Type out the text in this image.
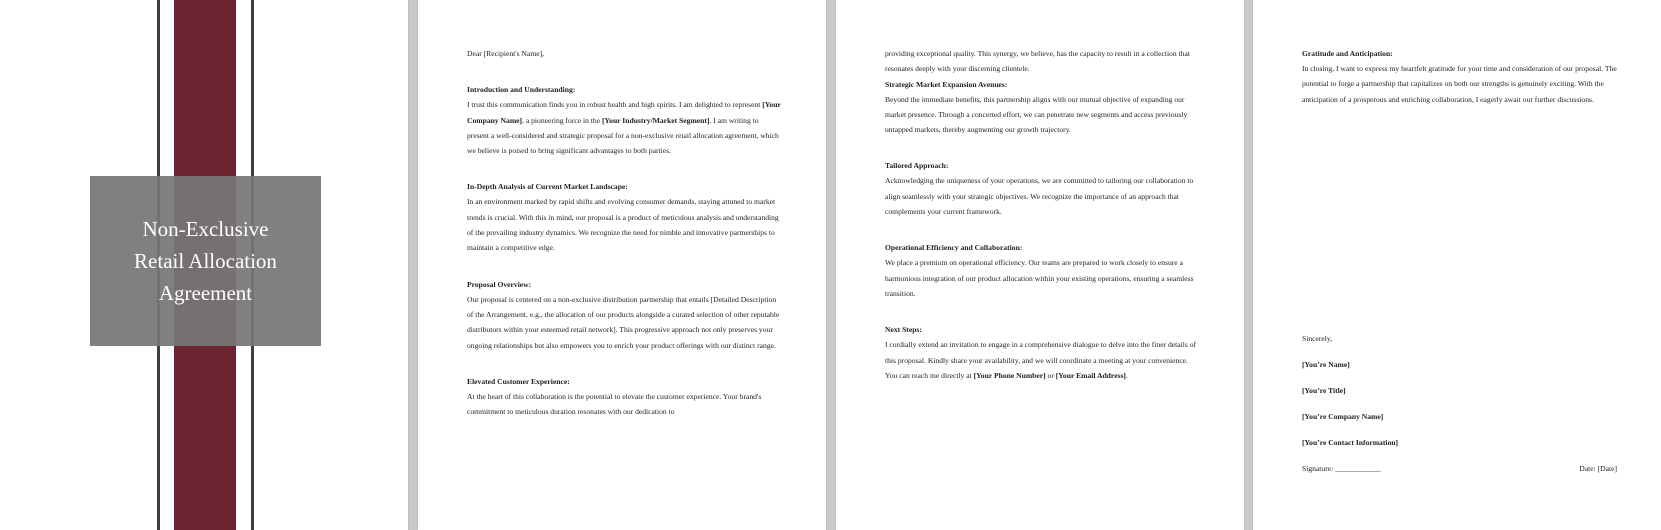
Non-Exclusive
Retail Allocation
Agreement

Dear [Recipient's Name],

Introduction and Understanding:

I trust this communication finds you in robust health and high spirits. I am delighted to represent [Your Company Name], a pioneering force in the [Your Industry/Market Segment]. I am writing to present a well-considered and strategic proposal for a non-exclusive retail allocation agreement, which we believe is poised to bring significant advantages to both parties.

In-Depth Analysis of Current Market Landscape:

In an environment marked by rapid shifts and evolving consumer demands, staying attuned to market trends is crucial. With this in mind, our proposal is a product of meticulous analysis and understanding of the prevailing industry dynamics. We recognize the need for nimble and innovative partnerships to maintain a competitive edge.

Proposal Overview:

Our proposal is centered on a non-exclusive distribution partnership that entails [Detailed Description of the Arrangement, e.g., the allocation of our products alongside a curated selection of other reputable distributors within your esteemed retail network]. This progressive approach not only preserves your ongoing relationships but also empowers you to enrich your product offerings with our distinct range.

Elevated Customer Experience:

At the heart of this collaboration is the potential to elevate the customer experience. Your brand's commitment to meticulous duration resonates with our dedication to

providing exceptional quality. This synergy, we believe, has the capacity to result in a collection that resonates deeply with your discerning clientele.

Strategic Market Expansion Avenues:

Beyond the immediate benefits, this partnership aligns with our mutual objective of expanding our market presence. Through a concerted effort, we can penetrate new segments and access previously untapped markets, thereby augmenting our growth trajectory.

Tailored Approach:

Acknowledging the uniqueness of your operations, we are committed to tailoring our collaboration to align seamlessly with your strategic objectives. We recognize the importance of an approach that complements your current framework.

Operational Efficiency and Collaboration:

We place a premium on operational efficiency. Our teams are prepared to work closely to ensure a harmonious integration of our product allocation within your existing operations, ensuring a seamless transition.

Next Steps:

I cordially extend an invitation to engage in a comprehensive dialogue to delve into the finer details of this proposal. Kindly share your availability, and we will coordinate a meeting at your convenience. You can reach me directly at [Your Phone Number] or [Your Email Address].

Gratitude and Anticipation:

In closing, I want to express my heartfelt gratitude for your time and consideration of our proposal. The potential to forge a partnership that capitalizes on both our strengths is genuinely exciting. With the anticipation of a prosperous and enriching collaboration, I eagerly await our further discussions.

Sincerely,

[You’re Name]

[You’re Title]

[You’re Company Name]

[You’re Contact Information]

Signature: ____________	Date: [Date]
